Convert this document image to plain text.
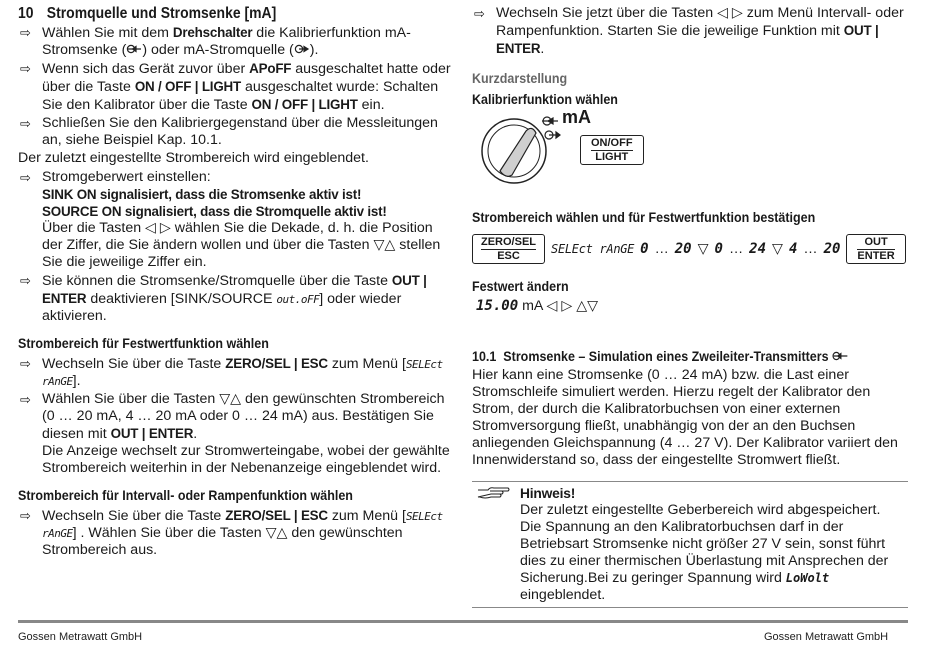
10 Stromquelle und Stromsenke [mA]
⇨ Wählen Sie mit dem Drehschalter die Kalibrierfunktion mA-Stromsenke ( ) oder mA-Stromquelle ( ).
⇨ Wenn sich das Gerät zuvor über APoFF ausgeschaltet hatte oder über die Taste ON / OFF | LIGHT ausgeschaltet wurde: Schalten Sie den Kalibrator über die Taste ON / OFF | LIGHT ein.
⇨ Schließen Sie den Kalibriergegenstand über die Messleitungen an, siehe Beispiel Kap. 10.1.
Der zuletzt eingestellte Strombereich wird eingeblendet.
⇨ Stromgeberwert einstellen:
SINK ON signalisiert, dass die Stromsenke aktiv ist!
SOURCE ON signalisiert, dass die Stromquelle aktiv ist!
Über die Tasten ◁ ▷ wählen Sie die Dekade, d. h. die Position der Ziffer, die Sie ändern wollen und über die Tasten ▽△ stellen Sie die jeweilige Ziffer ein.
⇨ Sie können die Stromsenke/Stromquelle über die Taste OUT | ENTER deaktivieren [SINK/SOURCE out.oFF] oder wieder aktivieren.
Strombereich für Festwertfunktion wählen
⇨ Wechseln Sie über die Taste ZERO/SEL | ESC zum Menü [SELEct rAnGE].
⇨ Wählen Sie über die Tasten ▽△ den gewünschten Strombereich (0 … 20 mA, 4 … 20 mA oder 0 … 24 mA) aus. Bestätigen Sie diesen mit OUT | ENTER.
Die Anzeige wechselt zur Stromwerteingabe, wobei der gewählte Strombereich weiterhin in der Nebenanzeige eingeblendet wird.
Strombereich für Intervall- oder Rampenfunktion wählen
⇨ Wechseln Sie über die Taste ZERO/SEL | ESC zum Menü [SELEct rAnGE] . Wählen Sie über die Tasten ▽△ den gewünschten Strombereich aus.
⇨ Wechseln Sie jetzt über die Tasten ◁ ▷ zum Menü Intervall- oder Rampenfunktion. Starten Sie die jeweilige Funktion mit OUT | ENTER.
Kurzdarstellung
Kalibrierfunktion wählen
mA
ON/OFF
LIGHT
Strombereich wählen und für Festwertfunktion bestätigen
ZERO/SEL
ESC
SELEct rAnGE 0 … 20 ▽ 0 … 24 ▽ 4 … 20	OUT
ENTER
Festwert ändern
15.00 mA ◁ ▷ △▽
10.1 Stromsenke – Simulation eines Zweileiter-Transmitters
Hier kann eine Stromsenke (0 … 24 mA) bzw. die Last einer Stromschleife simuliert werden. Hierzu regelt der Kalibrator den Strom, der durch die Kalibratorbuchsen von einer externen Stromversorgung fließt, unabhängig von der an den Buchsen anliegenden Gleichspannung (4 … 27 V). Der Kalibrator variiert den Innenwiderstand so, dass der eingestellte Stromwert fließt.
Hinweis!
Der zuletzt eingestellte Geberbereich wird abgespeichert.
Die Spannung an den Kalibratorbuchsen darf in der Betriebsart Stromsenke nicht größer 27 V sein, sonst führt dies zu einer thermischen Überlastung mit Ansprechen der Sicherung.Bei zu geringer Spannung wird LoWolt eingeblendet.
Gossen Metrawatt GmbH	Gossen Metrawatt GmbH
